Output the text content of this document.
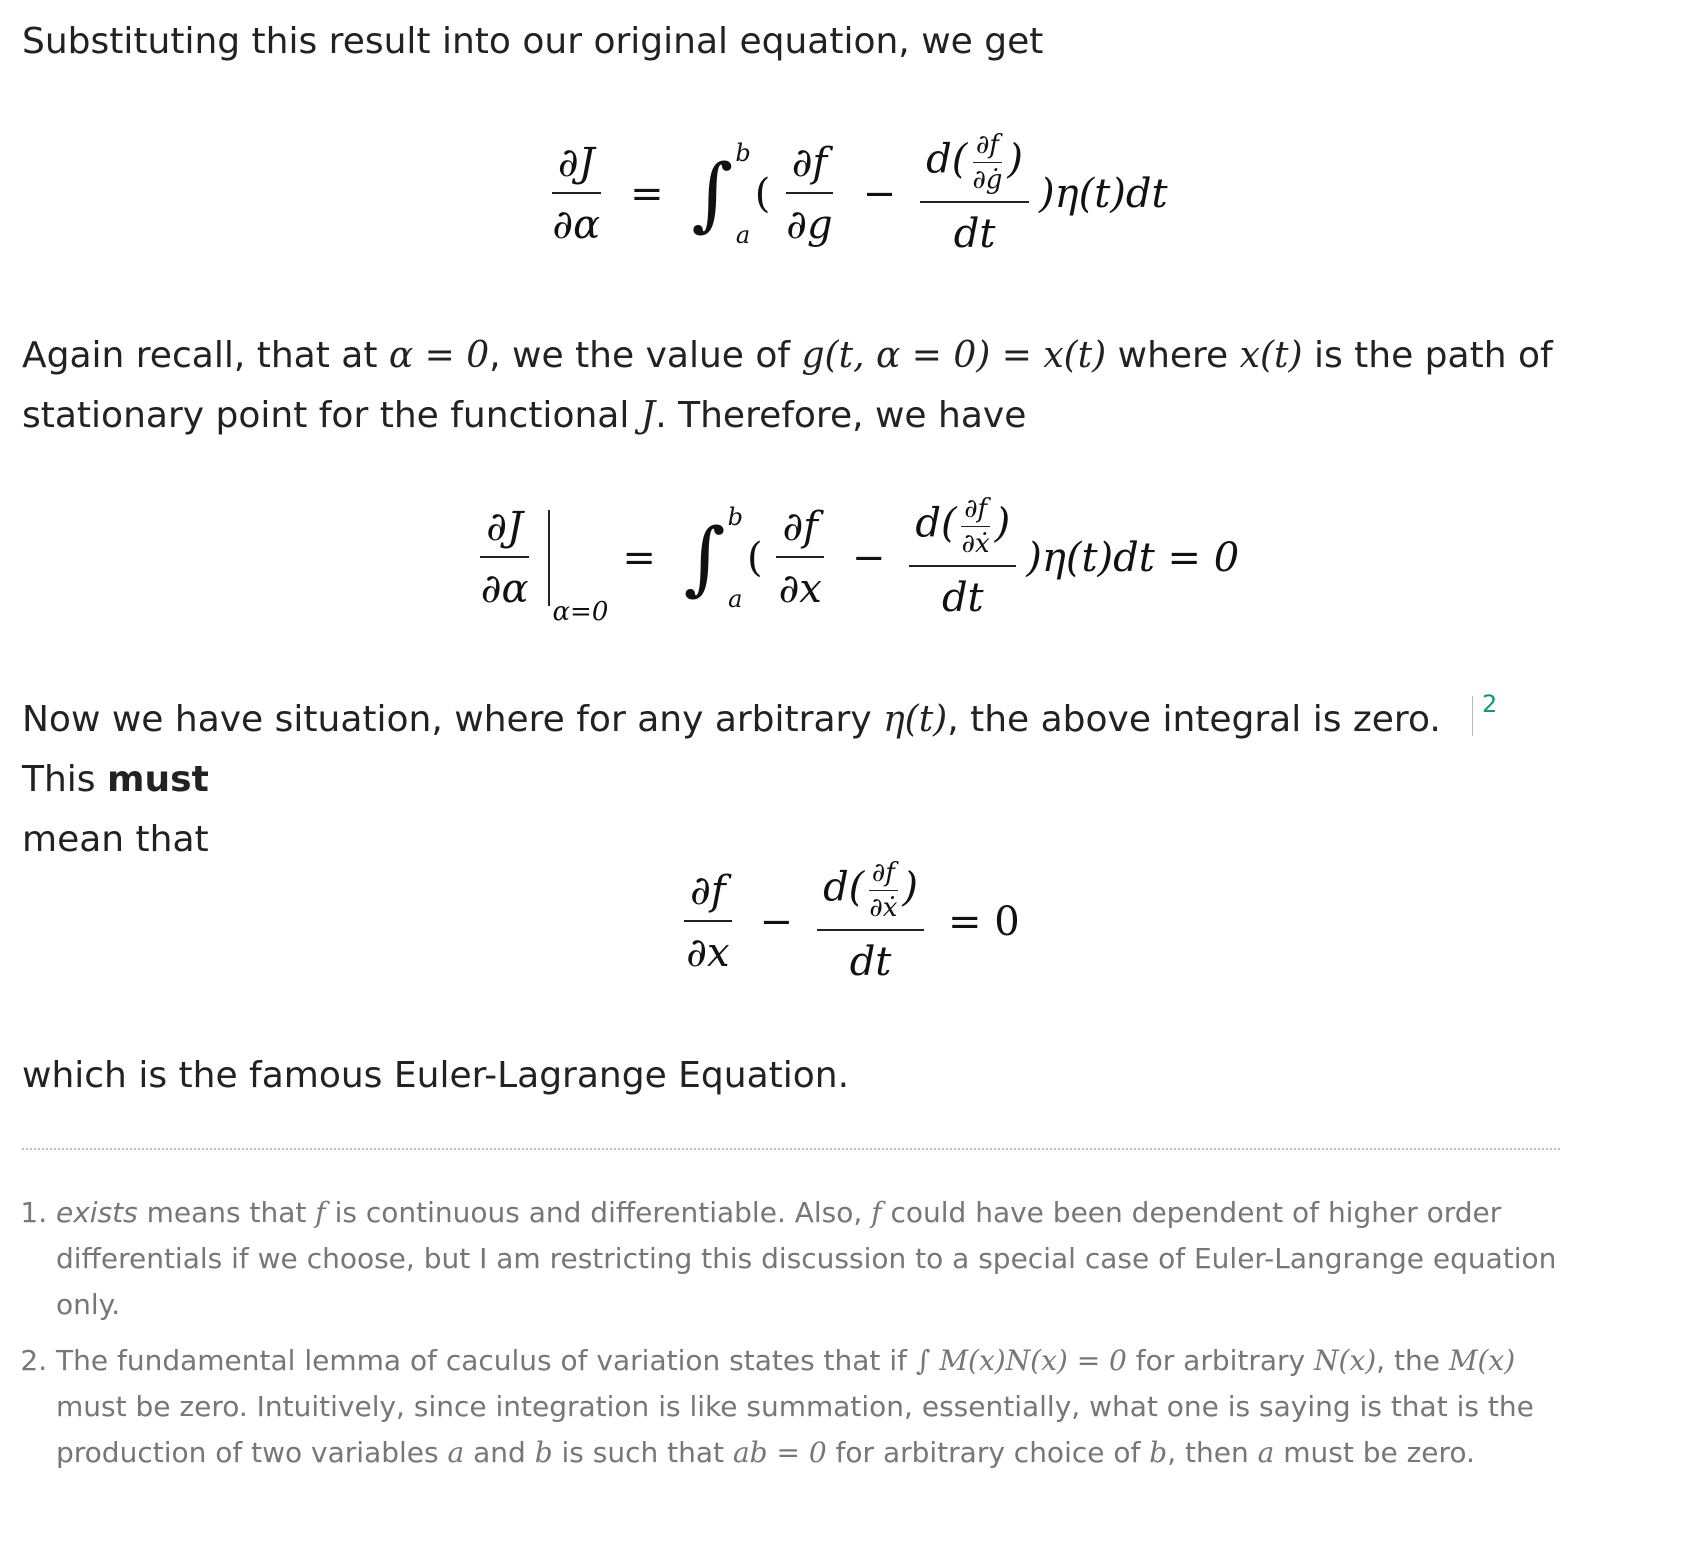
Substituting this result into our original equation, we get

$\frac{\partial J}{\partial\alpha}$ = ∫ b
a
( $\frac{\partial f}{\partial g} - \frac{d( \frac{\partial f}{\partial ġ} )}{dt} )\eta(t)dt$

Again recall, that at α = 0, we the value of g(t, α = 0) = x(t) where x(t) is the path of stationary point for the functional J. Therefore, we have

$\frac{\partial J}{\partial\alpha}$
α=0
= ∫ b
a
( $\frac{\partial f}{\partial x} - \frac{d( \frac{\partial f}{\text{∂ẋ}} )}{dt} )\eta(t)dt = 0$

Now we have situation, where for any arbitrary η(t), the above integral is zero. This must
mean that

2
$\frac{\partial f}{\partial x} - \frac{d( \frac{\partial f}{\text{∂ẋ}} )}{dt} = 0$

which is the famous Euler-Lagrange Equation.

1. exists means that f is continuous and differentiable. Also, f could have been dependent of higher order differentials if we choose, but I am restricting this discussion to a special case of Euler-Langrange equation only.
2. The fundamental lemma of caculus of variation states that if ∫ M(x)N(x) = 0 for arbitrary N(x), the M(x) must be zero. Intuitively, since integration is like summation, essentially, what one is saying is that is the production of two variables a and b is such that ab = 0 for arbitrary choice of b, then a must be zero.
